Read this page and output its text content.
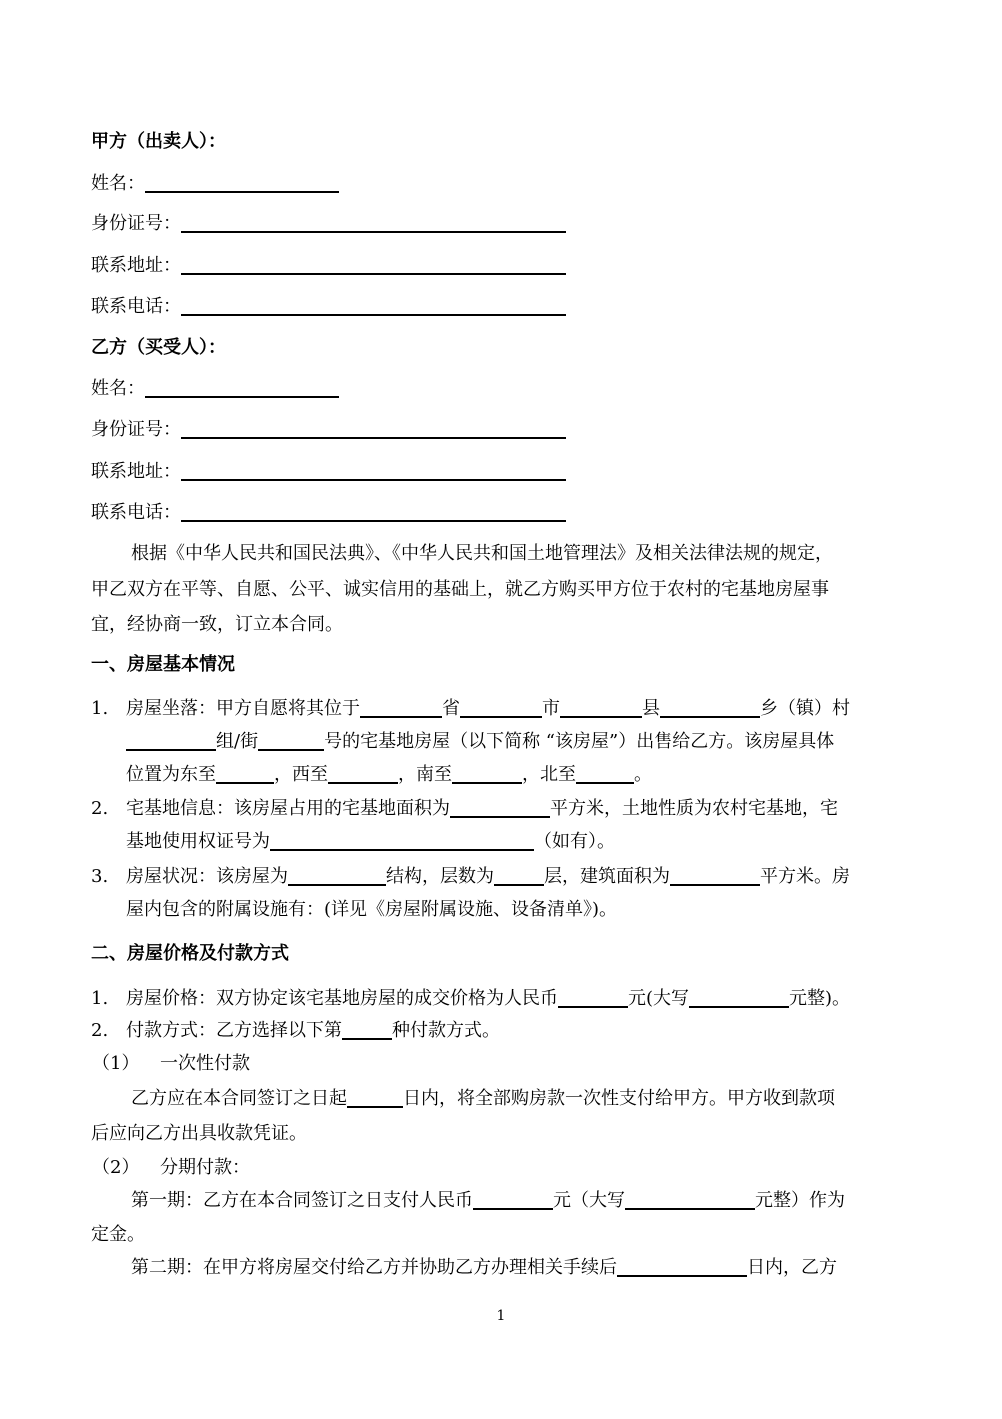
甲方（出卖人）：
姓名：
身份证号：
联系地址：
联系电话：
乙方（买受人）：
姓名：
身份证号：
联系地址：
联系电话：
根据《中华人民共和国民法典》、《中华人民共和国土地管理法》及相关法律法规的规定，
甲乙双方在平等、自愿、公平、诚实信用的基础上，就乙方购买甲方位于农村的宅基地房屋事
宜，经协商一致，订立本合同。
一、房屋基本情况
1. 房屋坐落：甲方自愿将其位于	省	市	县	乡（镇）村
组/街	号的宅基地房屋（以下简称 “该房屋”）出售给乙方。该房屋具体
位置为东至	，西至	，南至	，北至	。
2. 宅基地信息：该房屋占用的宅基地面积为	平方米，土地性质为农村宅基地，宅
基地使用权证号为	（如有）。
3. 房屋状况：该房屋为	结构，层数为	层，建筑面积为	平方米。房
屋内包含的附属设施有：(详见《房屋附属设施、设备清单》)。
二、房屋价格及付款方式
1. 房屋价格：双方协定该宅基地房屋的成交价格为人民币	元(大写	元整)。
2. 付款方式：乙方选择以下第	种付款方式。
（1） 一次性付款
乙方应在本合同签订之日起	日内，将全部购房款一次性支付给甲方。甲方收到款项
后应向乙方出具收款凭证。
（2） 分期付款：
第一期：乙方在本合同签订之日支付人民币	元（大写	元整）作为
定金。
第二期：在甲方将房屋交付给乙方并协助乙方办理相关手续后	日内，乙方
1
